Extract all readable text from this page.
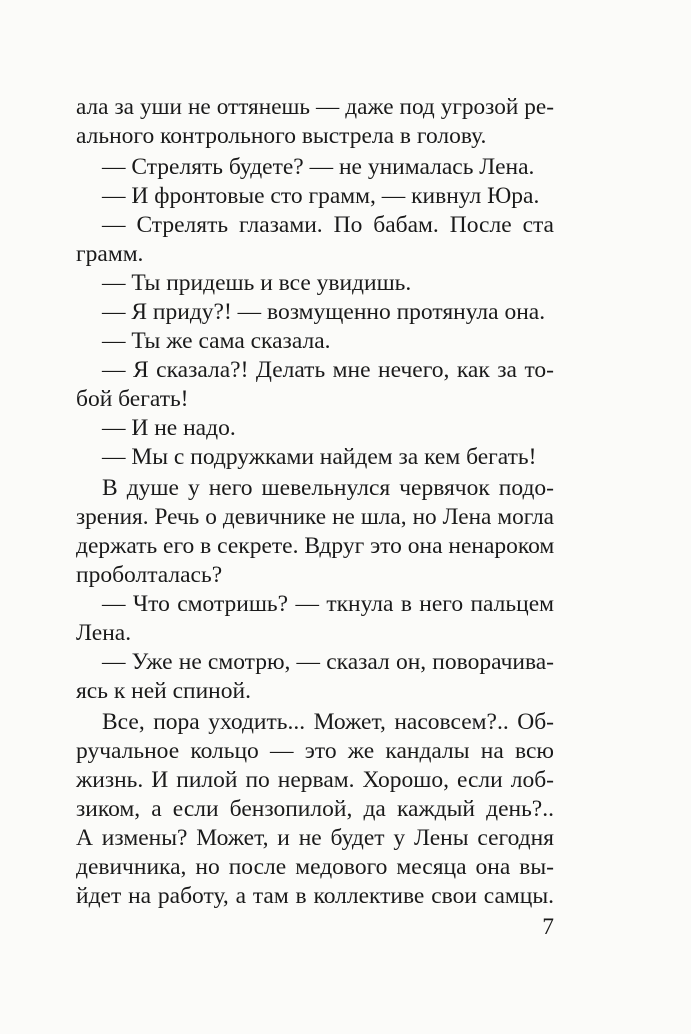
ала за уши не оттянешь — даже под угрозой ре-
ального контрольного выстрела в голову.
— Стрелять будете? — не унималась Лена.
— И фронтовые сто грамм, — кивнул Юра.
— Стрелять глазами. По бабам. После ста
грамм.
— Ты придешь и все увидишь.
— Я приду?! — возмущенно протянула она.
— Ты же сама сказала.
— Я сказала?! Делать мне нечего, как за то-
бой бегать!
— И не надо.
— Мы с подружками найдем за кем бегать!
В душе у него шевельнулся червячок подо-
зрения. Речь о девичнике не шла, но Лена могла
держать его в секрете. Вдруг это она ненароком
проболталась?
— Что смотришь? — ткнула в него пальцем
Лена.
— Уже не смотрю, — сказал он, поворачива-
ясь к ней спиной.
Все, пора уходить... Может, насовсем?.. Об-
ручальное кольцо — это же кандалы на всю
жизнь. И пилой по нервам. Хорошо, если лоб-
зиком, а если бензопилой, да каждый день?..
А измены? Может, и не будет у Лены сегодня
девичника, но после медового месяца она вы-
йдет на работу, а там в коллективе свои самцы.
7
